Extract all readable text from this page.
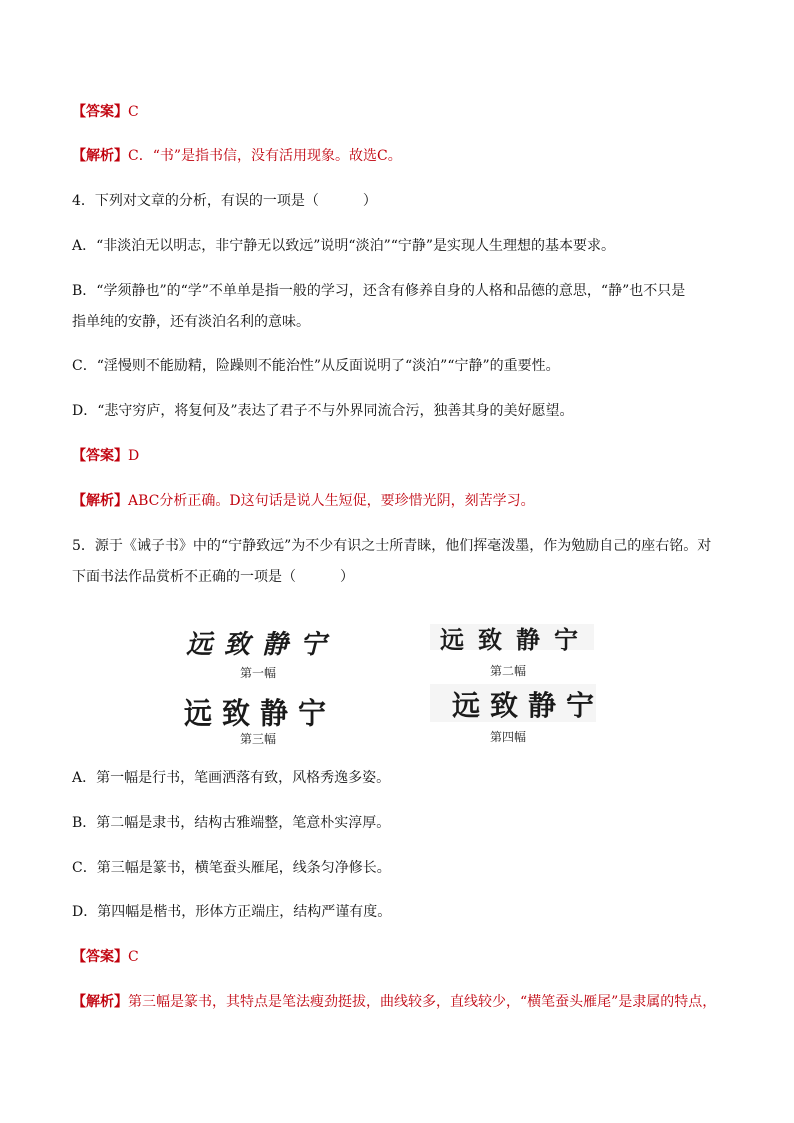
【答案】C
【解析】C．“书”是指书信，没有活用现象。故选C。
4．下列对文章的分析，有误的一项是（	）
A．“非淡泊无以明志，非宁静无以致远”说明“淡泊”“宁静”是实现人生理想的基本要求。
B．“学须静也”的“学”不单单是指一般的学习，还含有修养自身的人格和品德的意思，“静”也不只是
指单纯的安静，还有淡泊名利的意味。
C．“淫慢则不能励精，险躁则不能治性”从反面说明了“淡泊”“宁静”的重要性。
D．“悲守穷庐，将复何及”表达了君子不与外界同流合污，独善其身的美好愿望。
【答案】D
【解析】ABC分析正确。D这句话是说人生短促，要珍惜光阴，刻苦学习。
5．源于《诫子书》中的“宁静致远”为不少有识之士所青睐，他们挥毫泼墨，作为勉励自己的座右铭。对
下面书法作品赏析不正确的一项是（	）
远致静宁
第一幅
远致静宁
第二幅
远致静宁
第三幅
远致静宁
第四幅
A．第一幅是行书，笔画洒落有致，风格秀逸多姿。
B．第二幅是隶书，结构古雅端整，笔意朴实淳厚。
C．第三幅是篆书，横笔蚕头雁尾，线条匀净修长。
D．第四幅是楷书，形体方正端庄，结构严谨有度。
【答案】C
【解析】第三幅是篆书，其特点是笔法瘦劲挺拔，曲线较多，直线较少，“横笔蚕头雁尾”是隶属的特点，
